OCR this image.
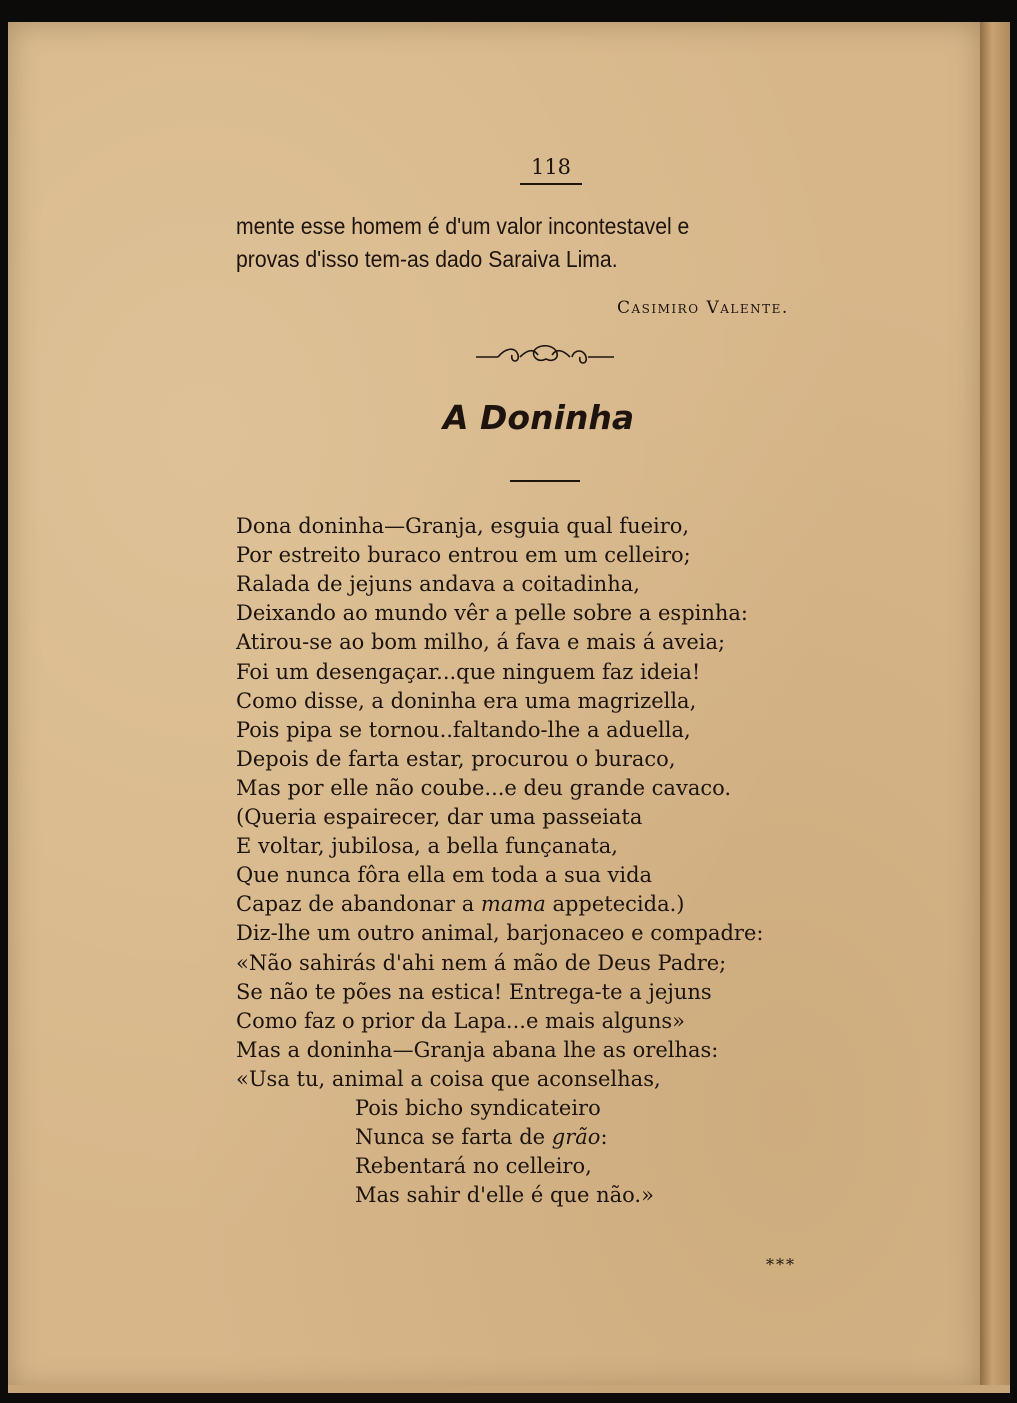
118
mente esse homem é d'um valor incontestavel e
provas d'isso tem-as dado Saraiva Lima.
Casimiro Valente.
A Doninha
Dona doninha—Granja, esguia qual fueiro,
Por estreito buraco entrou em um celleiro;
Ralada de jejuns andava a coitadinha,
Deixando ao mundo vêr a pelle sobre a espinha:
Atirou-se ao bom milho, á fava e mais á aveia;
Foi um desengaçar...que ninguem faz ideia!
Como disse, a doninha era uma magrizella,
Pois pipa se tornou..faltando-lhe a aduella,
Depois de farta estar, procurou o buraco,
Mas por elle não coube...e deu grande cavaco.
(Queria espairecer, dar uma passeiata
E voltar, jubilosa, a bella funçanata,
Que nunca fôra ella em toda a sua vida
Capaz de abandonar a mama appetecida.)
Diz-lhe um outro animal, barjonaceo e compadre:
«Não sahirás d'ahi nem á mão de Deus Padre;
Se não te pões na estica! Entrega-te a jejuns
Como faz o prior da Lapa...e mais alguns»
Mas a doninha—Granja abana lhe as orelhas:
«Usa tu, animal a coisa que aconselhas,
Pois bicho syndicateiro
Nunca se farta de grão:
Rebentará no celleiro,
Mas sahir d'elle é que não.»
***
